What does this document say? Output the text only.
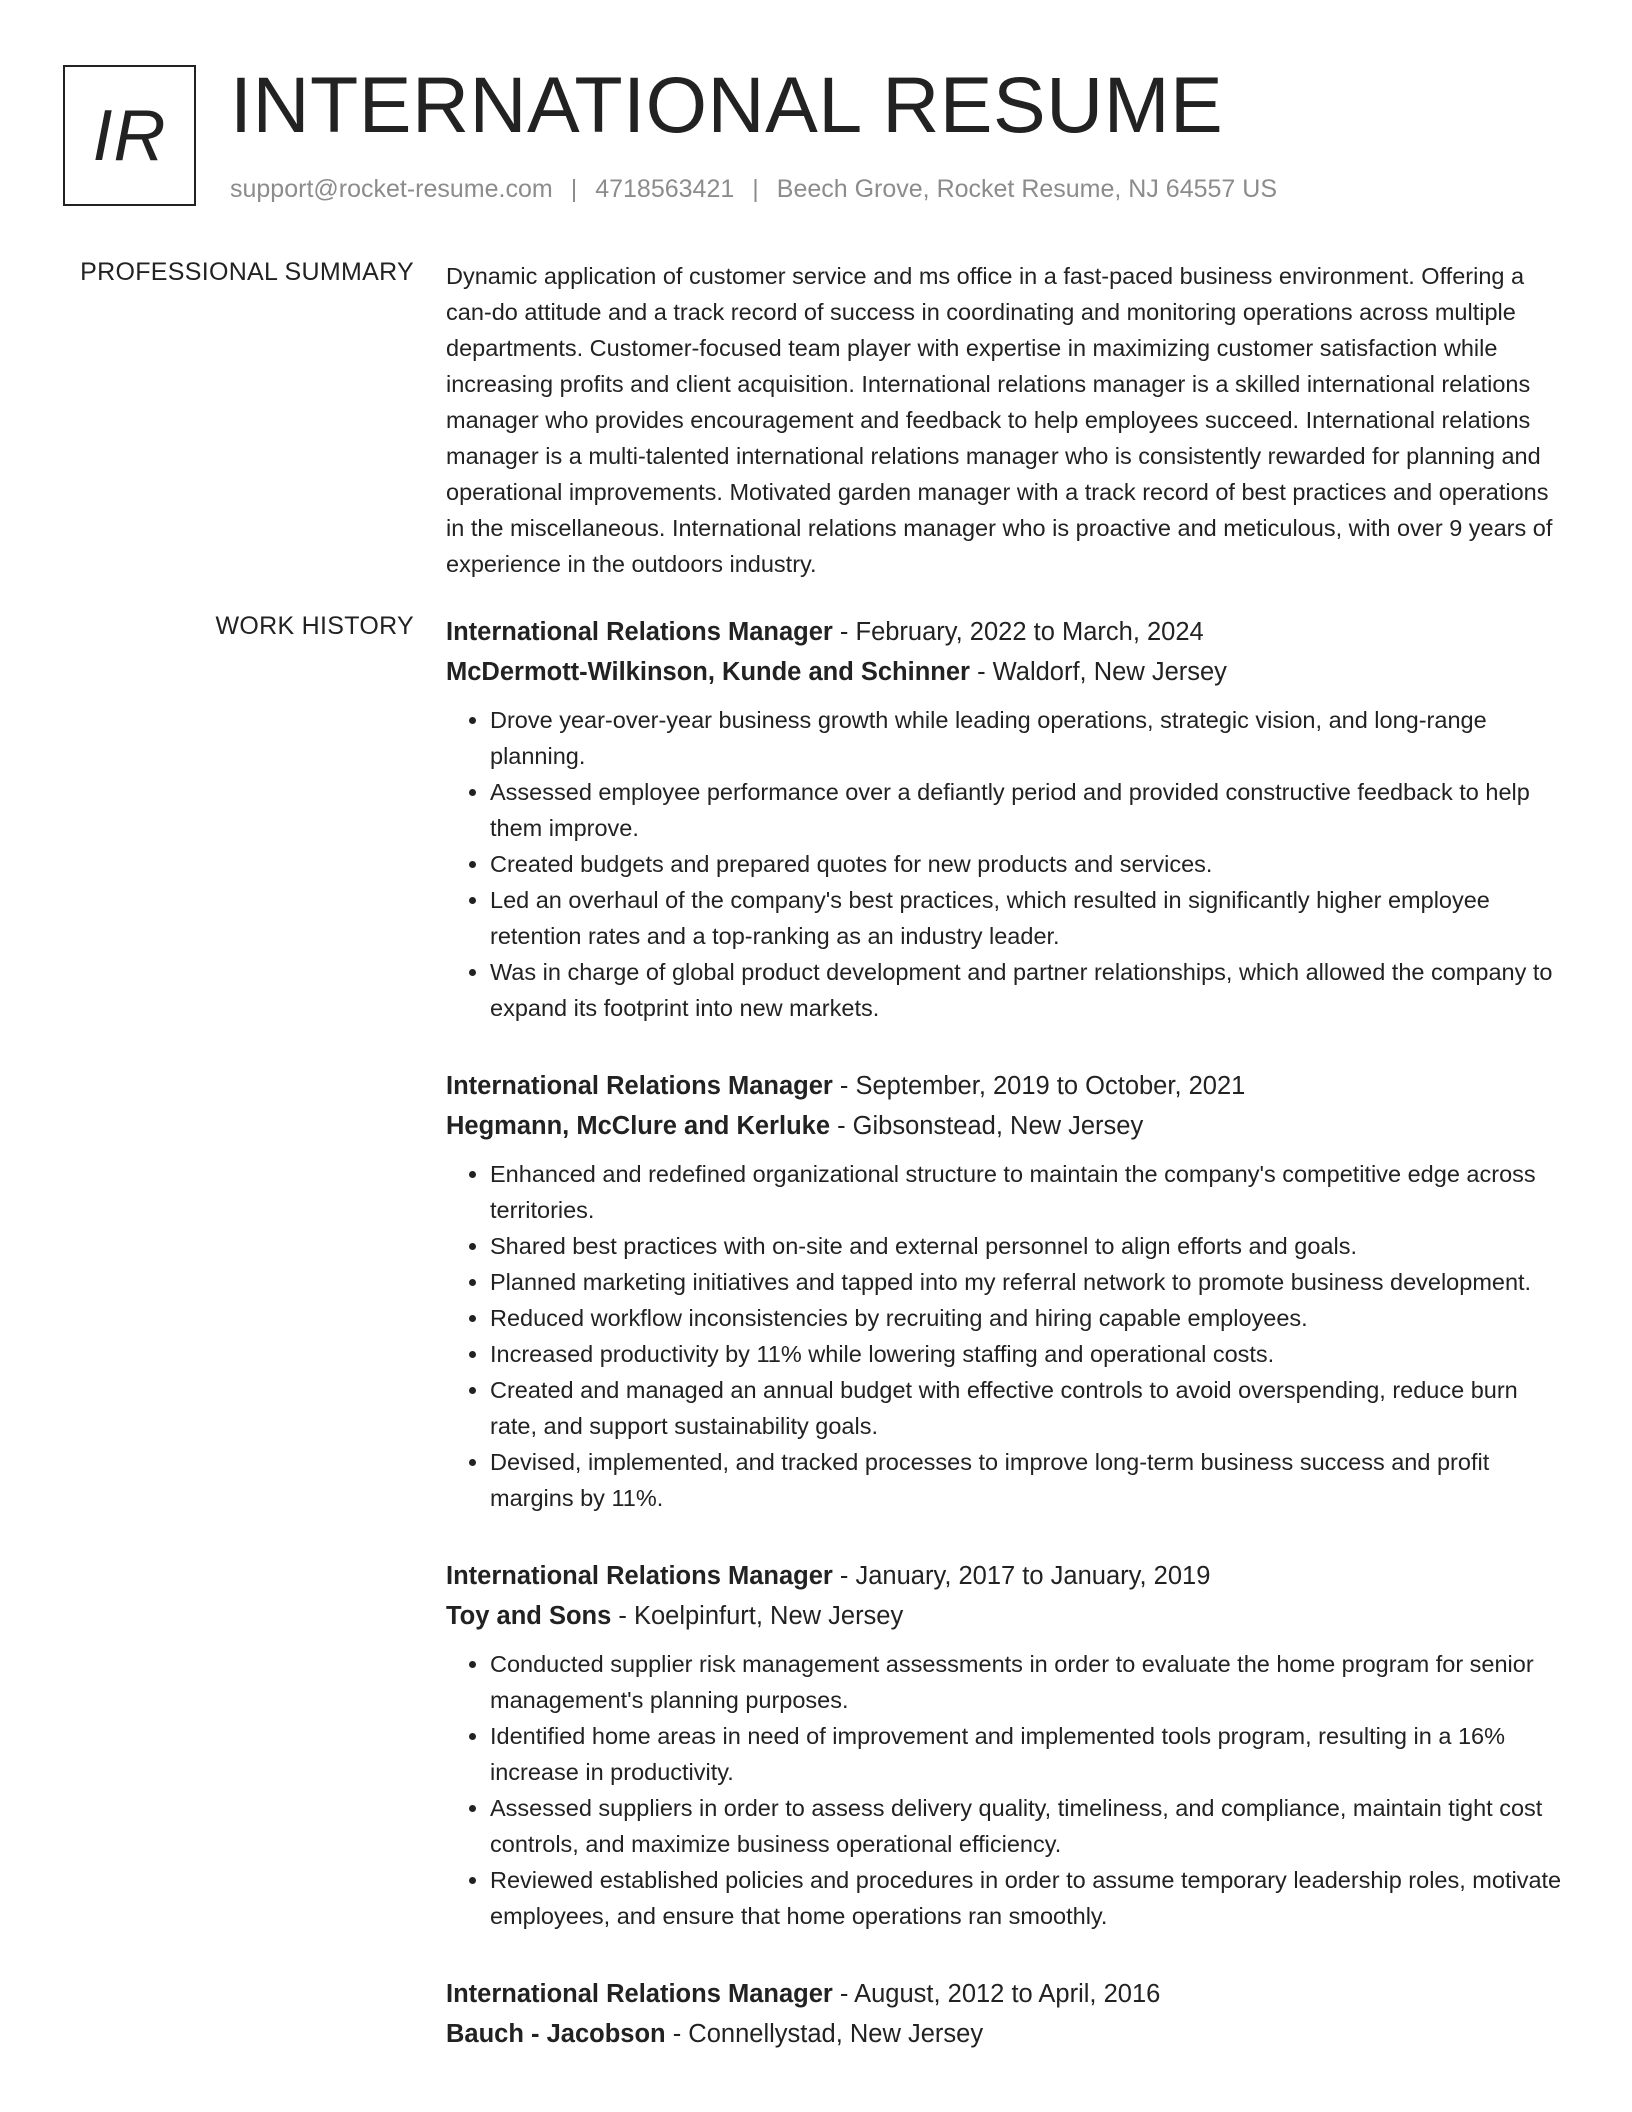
IR INTERNATIONAL RESUME
support@rocket-resume.com | 4718563421 | Beech Grove, Rocket Resume, NJ 64557 US
PROFESSIONAL SUMMARY Dynamic application of customer service and ms office in a fast-paced business environment. Offering a can-do attitude and a track record of success in coordinating and monitoring operations across multiple departments. Customer-focused team player with expertise in maximizing customer satisfaction while increasing profits and client acquisition. International relations manager is a skilled international relations manager who provides encouragement and feedback to help employees succeed. International relations manager is a multi-talented international relations manager who is consistently rewarded for planning and operational improvements. Motivated garden manager with a track record of best practices and operations in the miscellaneous. International relations manager who is proactive and meticulous, with over 9 years of experience in the outdoors industry.

WORK HISTORY International Relations Manager - February, 2022 to March, 2024
McDermott-Wilkinson, Kunde and Schinner - Waldorf, New Jersey
• Drove year-over-year business growth while leading operations, strategic vision, and long-range planning.
• Assessed employee performance over a defiantly period and provided constructive feedback to help them improve.
• Created budgets and prepared quotes for new products and services.
• Led an overhaul of the company's best practices, which resulted in significantly higher employee retention rates and a top-ranking as an industry leader.
• Was in charge of global product development and partner relationships, which allowed the company to expand its footprint into new markets.
International Relations Manager - September, 2019 to October, 2021
Hegmann, McClure and Kerluke - Gibsonstead, New Jersey
• Enhanced and redefined organizational structure to maintain the company's competitive edge across territories.
• Shared best practices with on-site and external personnel to align efforts and goals.
• Planned marketing initiatives and tapped into my referral network to promote business development.
• Reduced workflow inconsistencies by recruiting and hiring capable employees.
• Increased productivity by 11% while lowering staffing and operational costs.
• Created and managed an annual budget with effective controls to avoid overspending, reduce burn rate, and support sustainability goals.
• Devised, implemented, and tracked processes to improve long-term business success and profit margins by 11%.
International Relations Manager - January, 2017 to January, 2019
Toy and Sons - Koelpinfurt, New Jersey
• Conducted supplier risk management assessments in order to evaluate the home program for senior management's planning purposes.
• Identified home areas in need of improvement and implemented tools program, resulting in a 16% increase in productivity.
• Assessed suppliers in order to assess delivery quality, timeliness, and compliance, maintain tight cost controls, and maximize business operational efficiency.
• Reviewed established policies and procedures in order to assume temporary leadership roles, motivate employees, and ensure that home operations ran smoothly.
International Relations Manager - August, 2012 to April, 2016
Bauch - Jacobson - Connellystad, New Jersey
